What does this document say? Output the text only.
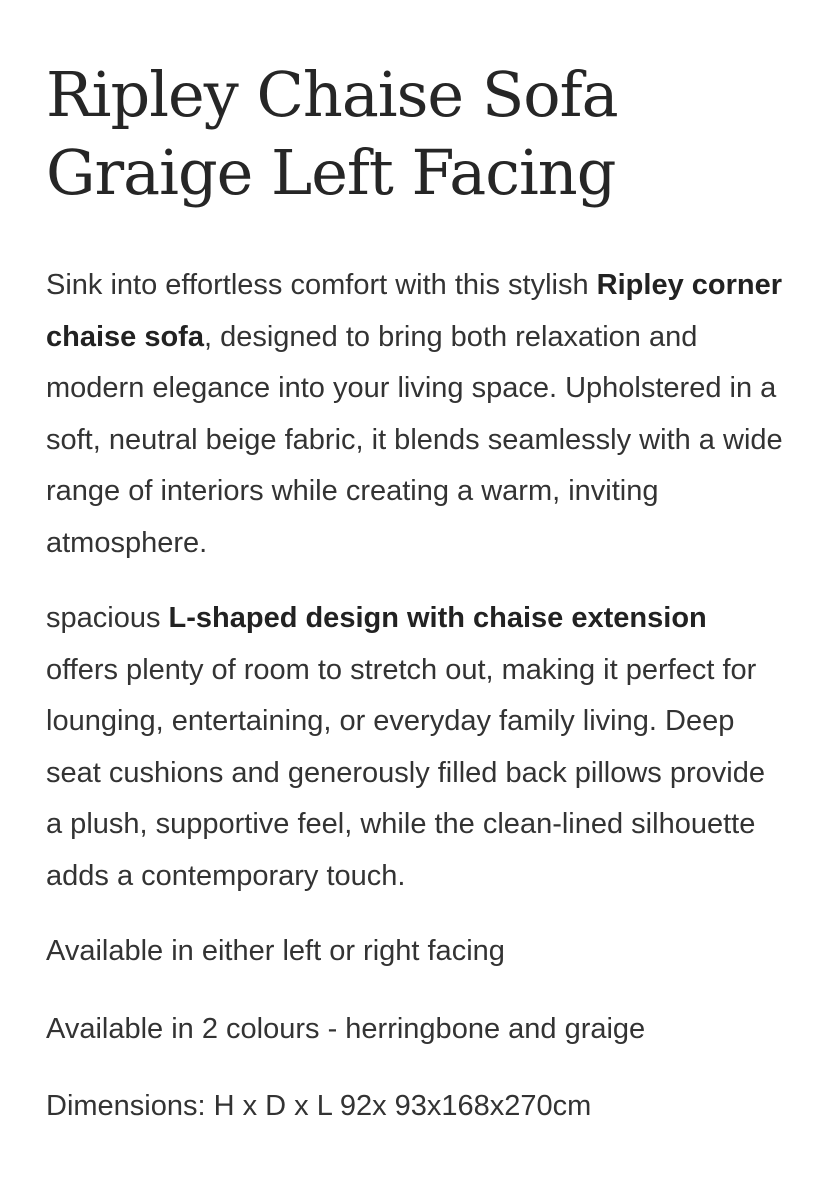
Ripley Chaise Sofa
Graige Left Facing

Sink into effortless comfort with this stylish Ripley corner chaise sofa, designed to bring both relaxation and modern elegance into your living space. Upholstered in a soft, neutral beige fabric, it blends seamlessly with a wide range of interiors while creating a warm, inviting atmosphere.

spacious L-shaped design with chaise extension offers plenty of room to stretch out, making it perfect for lounging, entertaining, or everyday family living. Deep seat cushions and generously filled back pillows provide a plush, supportive feel, while the clean-lined silhouette adds a contemporary touch.

Available in either left or right facing

Available in 2 colours - herringbone and graige

Dimensions: H x D x L 92x 93x168x270cm
